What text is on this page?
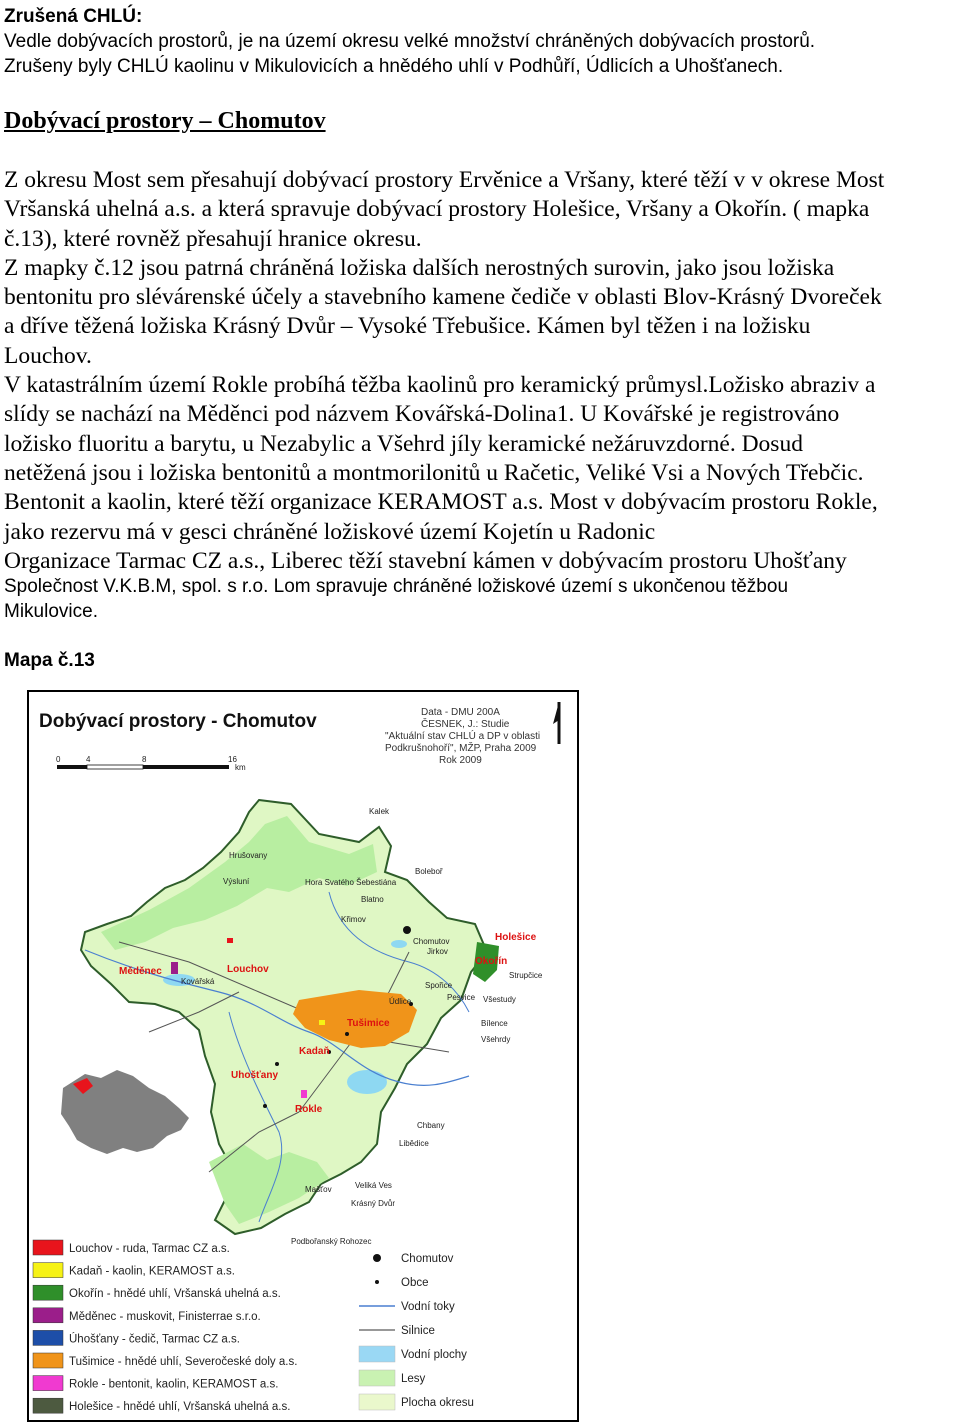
Zrušená CHLÚ:

Vedle dobývacích prostorů, je na území okresu velké množství chráněných dobývacích prostorů.

Zrušeny byly CHLÚ kaolinu v Mikulovicích a hnědého uhlí v Podhůří, Údlicích a Uhošťanech.

Dobývací prostory – Chomutov

Z okresu Most sem přesahují dobývací prostory Ervěnice a Vršany, které těží v v okrese Most

Vršanská uhelná a.s. a která spravuje dobývací prostory Holešice, Vršany a Okořín. ( mapka

č.13), které rovněž přesahují hranice okresu.

Z mapky č.12 jsou patrná chráněná ložiska dalších nerostných surovin, jako jsou ložiska

bentonitu pro slévárenské účely a stavebního kamene čediče v oblasti Blov-Krásný Dvoreček

a dříve těžená ložiska Krásný Dvůr – Vysoké Třebušice. Kámen byl těžen i na ložisku

Louchov.

V katastrálním území Rokle probíhá těžba kaolinů pro keramický průmysl.Ložisko abraziv a

slídy se nachází na Měděnci pod názvem Kovářská-Dolina1. U Kovářské je registrováno

ložisko fluoritu a barytu, u Nezabylic a Všehrd jíly keramické nežáruvzdorné. Dosud

netěžená jsou i ložiska bentonitů a montmorilonitů u Račetic, Veliké Vsi a Nových Třebčic.

Bentonit a kaolin, které těží organizace KERAMOST a.s. Most v dobývacím prostoru Rokle,

jako rezervu má v gesci chráněné ložiskové území Kojetín u Radonic

Organizace Tarmac CZ a.s., Liberec těží stavební kámen v dobývacím prostoru Uhošťany

Společnost V.K.B.M, spol. s r.o. Lom spravuje chráněné ložiskové území s ukončenou těžbou

Mikulovice.

Mapa č.13
Dobývací prostory - Chomutov	Data - DMU 200A
ČESNEK, J.: Studie
"Aktuální stav CHLÚ a DP v oblasti
Podkrušnohoří", MŽP, Praha 2009
Rok 2009
0	4	8	16
km
Kalek
Hora Svatého Šebestiána
Boleboř
Blatno
Křimov
Výsluní
Měděnec
Kovářská
Louchov
Kadaň
Uhošťany
Rokle
Tušimice
Holešice
Okořín
Chomutov
Strupčice
Jirkov
Spořice
Údlice	Všestudy
Bílence
Pesvice
Všehrdy
Chbany
Libědice
Veliká Ves
Krásný Dvůr
Mašťov
Podbořanský Rohozec
Hrušovany
Louchov - ruda, Tarmac CZ a.s.
Kadaň - kaolin, KERAMOST a.s.
Okořín - hnědé uhlí, Vršanská uhelná a.s.
Měděnec - muskovit, Finisterrae s.r.o.
Úhošťany - čedič, Tarmac CZ a.s.
Tušimice - hnědé uhlí, Severočeské doly a.s.
Rokle - bentonit, kaolin, KERAMOST a.s.
Holešice - hnědé uhlí, Vršanská uhelná a.s.
Chomutov
Obce
Vodní toky
Silnice
Vodní plochy
Lesy
Plocha okresu
